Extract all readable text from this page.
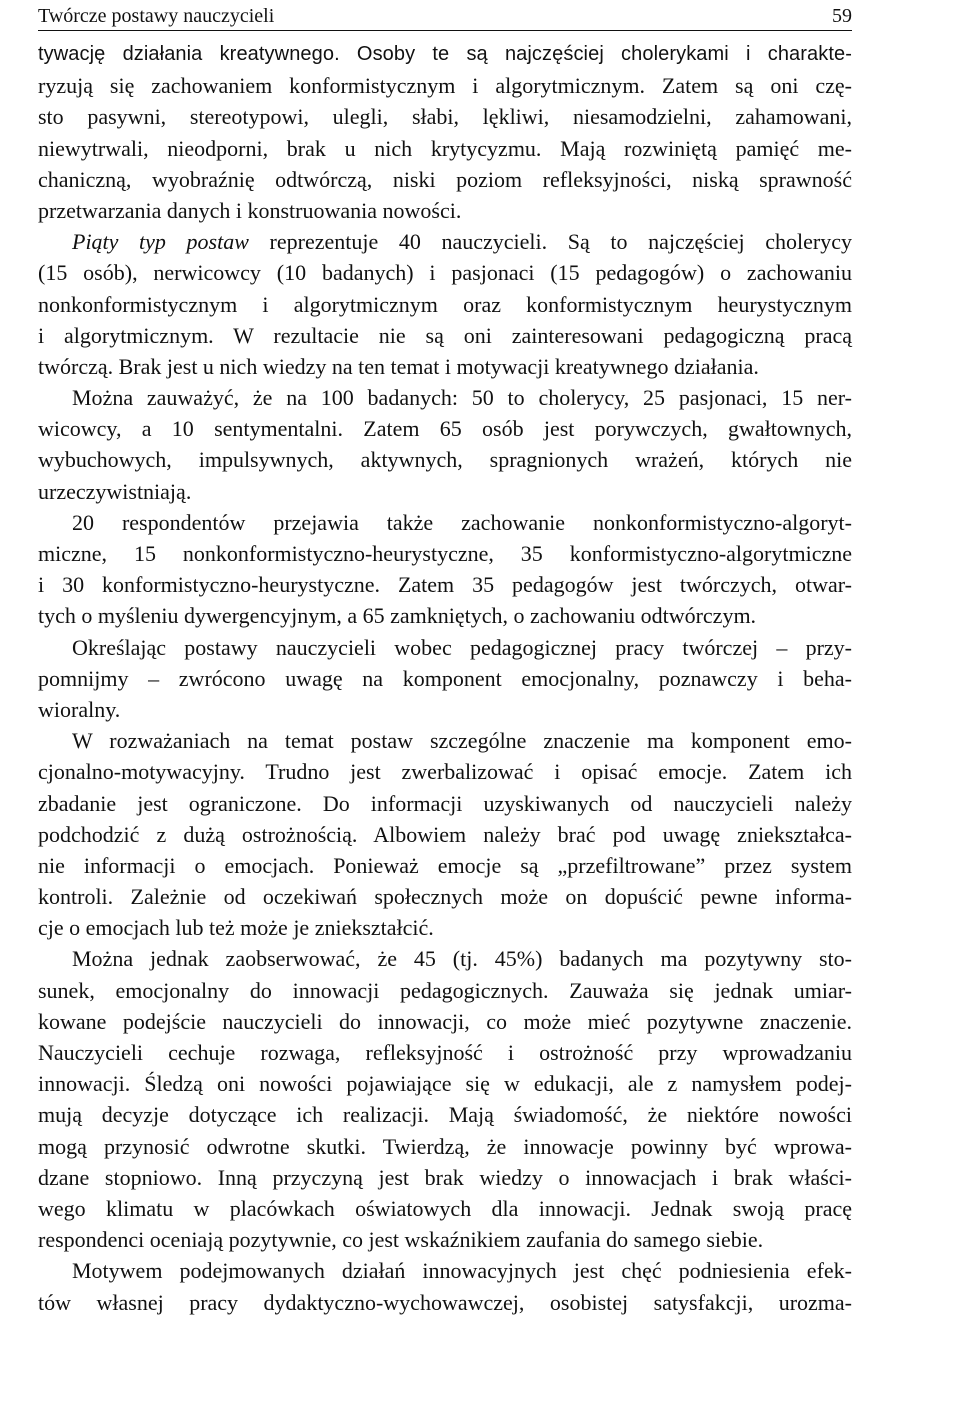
Twórcze postawy nauczycieli	59
tywację działania kreatywnego. Osoby te są najczęściej cholerykami i charakte-
ryzują się zachowaniem konformistycznym i algorytmicznym. Zatem są oni czę-
sto pasywni, stereotypowi, ulegli, słabi, lękliwi, niesamodzielni, zahamowani,
niewytrwali, nieodporni, brak u nich krytycyzmu. Mają rozwiniętą pamięć me-
chaniczną, wyobraźnię odtwórczą, niski poziom refleksyjności, niską sprawność
przetwarzania danych i konstruowania nowości.
Piąty typ postaw reprezentuje 40 nauczycieli. Są to najczęściej cholerycy
(15 osób), nerwicowcy (10 badanych) i pasjonaci (15 pedagogów) o zachowaniu
nonkonformistycznym i algorytmicznym oraz konformistycznym heurystycznym
i algorytmicznym. W rezultacie nie są oni zainteresowani pedagogiczną pracą
twórczą. Brak jest u nich wiedzy na ten temat i motywacji kreatywnego działania.
Można zauważyć, że na 100 badanych: 50 to cholerycy, 25 pasjonaci, 15 ner-
wicowcy, a 10 sentymentalni. Zatem 65 osób jest porywczych, gwałtownych,
wybuchowych, impulsywnych, aktywnych, spragnionych wrażeń, których nie
urzeczywistniają.
20 respondentów przejawia także zachowanie nonkonformistyczno-algoryt-
miczne, 15 nonkonformistyczno-heurystyczne, 35 konformistyczno-algorytmiczne
i 30 konformistyczno-heurystyczne. Zatem 35 pedagogów jest twórczych, otwar-
tych o myśleniu dywergencyjnym, a 65 zamkniętych, o zachowaniu odtwórczym.
Określając postawy nauczycieli wobec pedagogicznej pracy twórczej – przy-
pomnijmy – zwrócono uwagę na komponent emocjonalny, poznawczy i beha-
wioralny.
W rozważaniach na temat postaw szczególne znaczenie ma komponent emo-
cjonalno-motywacyjny. Trudno jest zwerbalizować i opisać emocje. Zatem ich
zbadanie jest ograniczone. Do informacji uzyskiwanych od nauczycieli należy
podchodzić z dużą ostrożnością. Albowiem należy brać pod uwagę zniekształca-
nie informacji o emocjach. Ponieważ emocje są „przefiltrowane” przez system
kontroli. Zależnie od oczekiwań społecznych może on dopuścić pewne informa-
cje o emocjach lub też może je zniekształcić.
Można jednak zaobserwować, że 45 (tj. 45%) badanych ma pozytywny sto-
sunek, emocjonalny do innowacji pedagogicznych. Zauważa się jednak umiar-
kowane podejście nauczycieli do innowacji, co może mieć pozytywne znaczenie.
Nauczycieli cechuje rozwaga, refleksyjność i ostrożność przy wprowadzaniu
innowacji. Śledzą oni nowości pojawiające się w edukacji, ale z namysłem podej-
mują decyzje dotyczące ich realizacji. Mają świadomość, że niektóre nowości
mogą przynosić odwrotne skutki. Twierdzą, że innowacje powinny być wprowa-
dzane stopniowo. Inną przyczyną jest brak wiedzy o innowacjach i brak właści-
wego klimatu w placówkach oświatowych dla innowacji. Jednak swoją pracę
respondenci oceniają pozytywnie, co jest wskaźnikiem zaufania do samego siebie.
Motywem podejmowanych działań innowacyjnych jest chęć podniesienia efek-
tów własnej pracy dydaktyczno-wychowawczej, osobistej satysfakcji, urozma-
